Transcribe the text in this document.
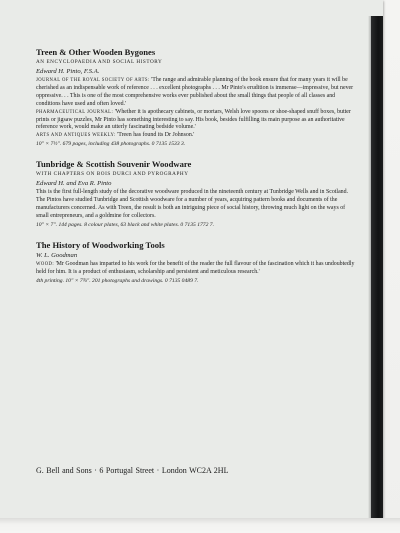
Treen & Other Wooden Bygones

AN ENCYCLOPAEDIA AND SOCIAL HISTORY

Edward H. Pinto, F.S.A.

JOURNAL OF THE ROYAL SOCIETY OF ARTS: 'The range and admirable planning of the book ensure that for many years it will be cherished as an indispensable work of reference . . . excellent photographs . . . Mr Pinto's erudition is immense—impressive, but never oppressive. . . This is one of the most comprehensive works ever published about the small things that people of all classes and conditions have used and often loved.'

PHARMACEUTICAL JOURNAL: 'Whether it is apothecary cabinets, or mortars, Welsh love spoons or shoe-shaped snuff boxes, butter prints or jigsaw puzzles, Mr Pinto has something interesting to say. His book, besides fulfilling its main purpose as an authoritative reference work, would make an utterly fascinating bedside volume.'

ARTS AND ANTIQUES WEEKLY: 'Treen has found its Dr Johnson.'

10" × 7½". 679 pages, including 438 photographs. 0 7135 1533 3.

Tunbridge & Scottish Souvenir Woodware

WITH CHAPTERS ON BOIS DURCI AND PYROGRAPHY

Edward H. and Eva R. Pinto

This is the first full-length study of the decorative woodware produced in the nineteenth century at Tunbridge Wells and in Scotland. The Pintos have studied Tunbridge and Scottish woodware for a number of years, acquiring pattern books and documents of the manufacturers concerned. As with Treen, the result is both an intriguing piece of social history, throwing much light on the ways of small entrepreneurs, and a goldmine for collectors.

10" × 7". 144 pages. 8 colour plates, 63 black and white plates. 0 7135 1772 7.

The History of Woodworking Tools

W. L. Goodman

WOOD: 'Mr Goodman has imparted to his work for the benefit of the reader the full flavour of the fascination which it has undoubtedly held for him. It is a product of enthusiasm, scholarship and persistent and meticulous research.'

4th printing. 10" × 7¾". 201 photographs and drawings. 0 7135 0489 7.

G. Bell and Sons · 6 Portugal Street · London WC2A 2HL
